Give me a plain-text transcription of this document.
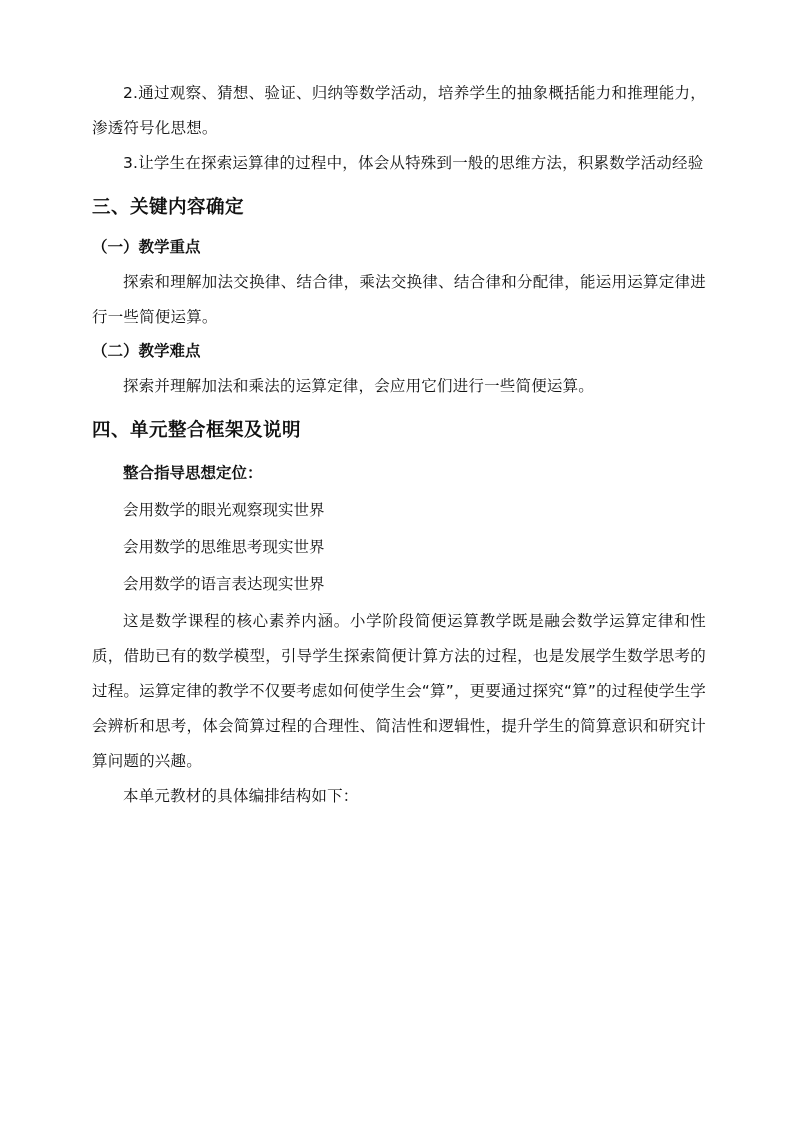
2.通过观察、猜想、验证、归纳等数学活动，培养学生的抽象概括能力和推理能力，渗透符号化思想。

3.让学生在探索运算律的过程中，体会从特殊到一般的思维方法，积累数学活动经验

三、关键内容确定
（一）教学重点

探索和理解加法交换律、结合律，乘法交换律、结合律和分配律，能运用运算定律进行一些简便运算。

（二）教学难点

探索并理解加法和乘法的运算定律，会应用它们进行一些简便运算。

四、单元整合框架及说明

整合指导思想定位：

会用数学的眼光观察现实世界

会用数学的思维思考现实世界

会用数学的语言表达现实世界

这是数学课程的核心素养内涵。小学阶段简便运算教学既是融会数学运算定律和性质，借助已有的数学模型，引导学生探索简便计算方法的过程，也是发展学生数学思考的过程。运算定律的教学不仅要考虑如何使学生会“算”，更要通过探究“算”的过程使学生学会辨析和思考，体会简算过程的合理性、简洁性和逻辑性，提升学生的简算意识和研究计算问题的兴趣。

本单元教材的具体编排结构如下：
